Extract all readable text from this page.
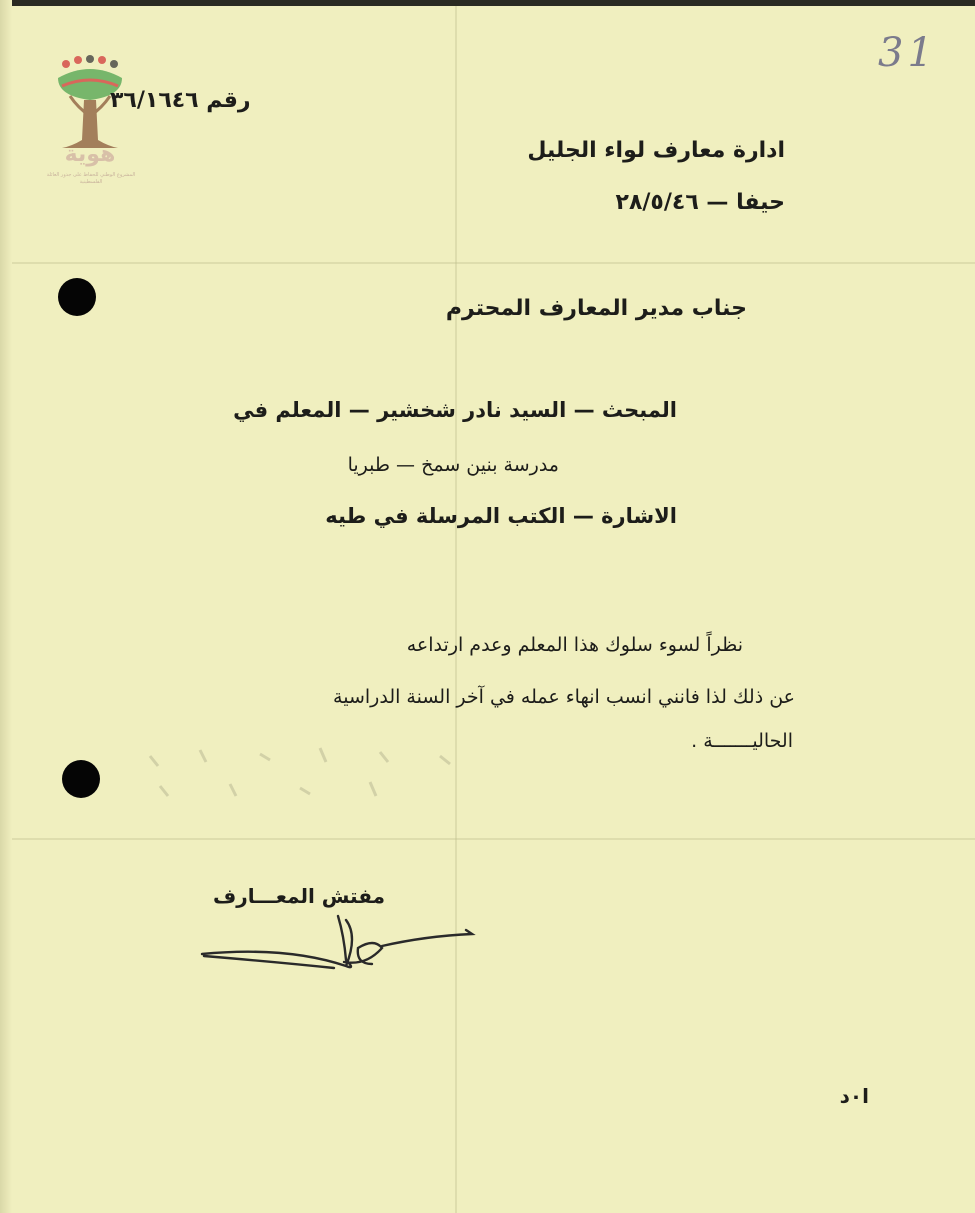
هوية
المشروع الوطني للحفاظ على جذور العائلة الفلسطينية
31
رقم ٣٦/١٦٤٦
ادارة معارف لواء الجليل
حيفا — ٢٨/٥/٤٦
جناب مدير المعارف المحترم
المبحث — السيد نادر شخشير — المعلم في
مدرسة بنين سمخ — طبريا
الاشارة — الكتب المرسلة في طيه
نظراً لسوء سلوك هذا المعلم وعدم ارتداعه
عن ذلك لذا فانني انسب انهاء عمله في آخر السنة الدراسية
الحاليـــــــة .
مفتش المعـــارف
ا٠د
